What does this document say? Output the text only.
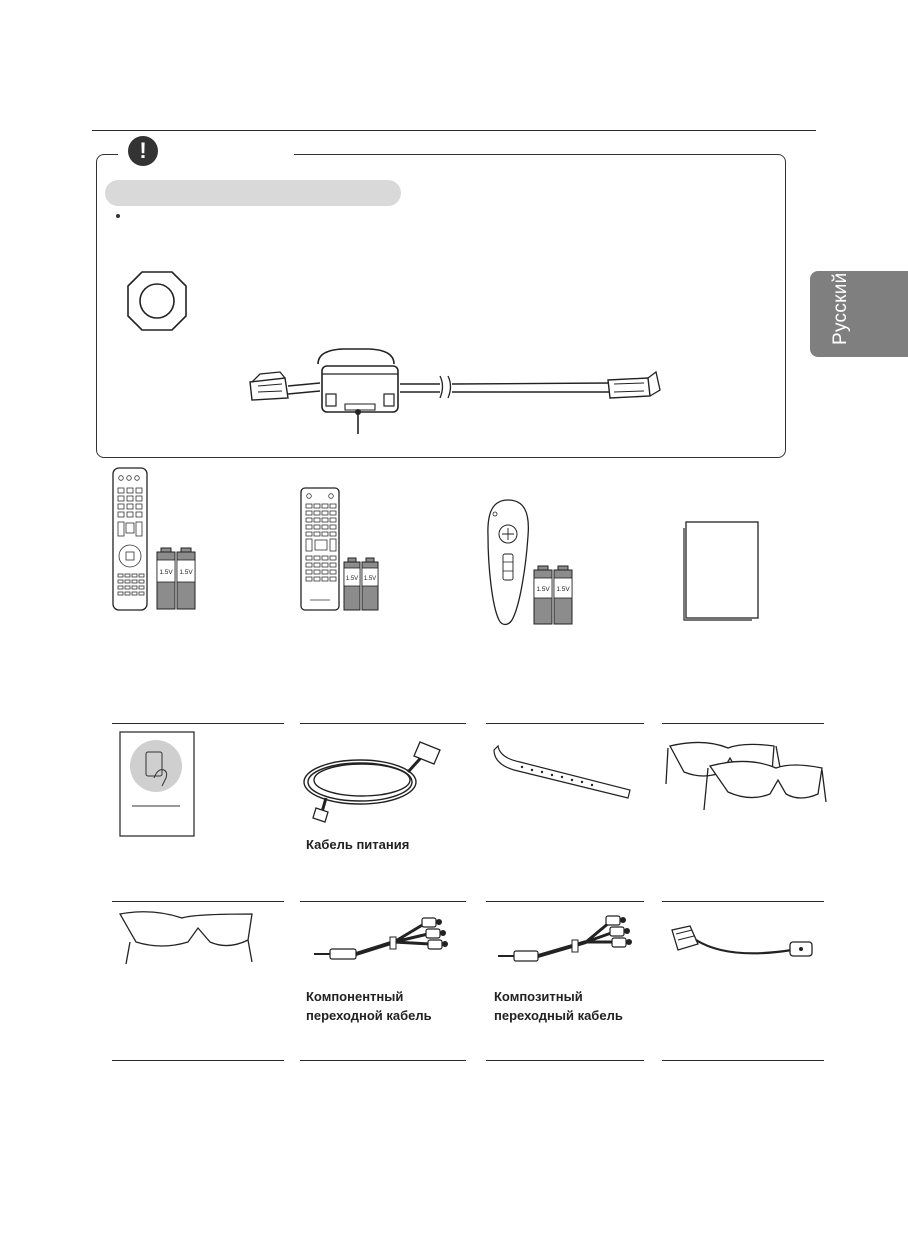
Русский
!
1.5V 1.5V
1.5V 1.5V
1.5V 1.5V
Кабель питания
Компонентный
переходной кабель
Композитный
переходный кабель
